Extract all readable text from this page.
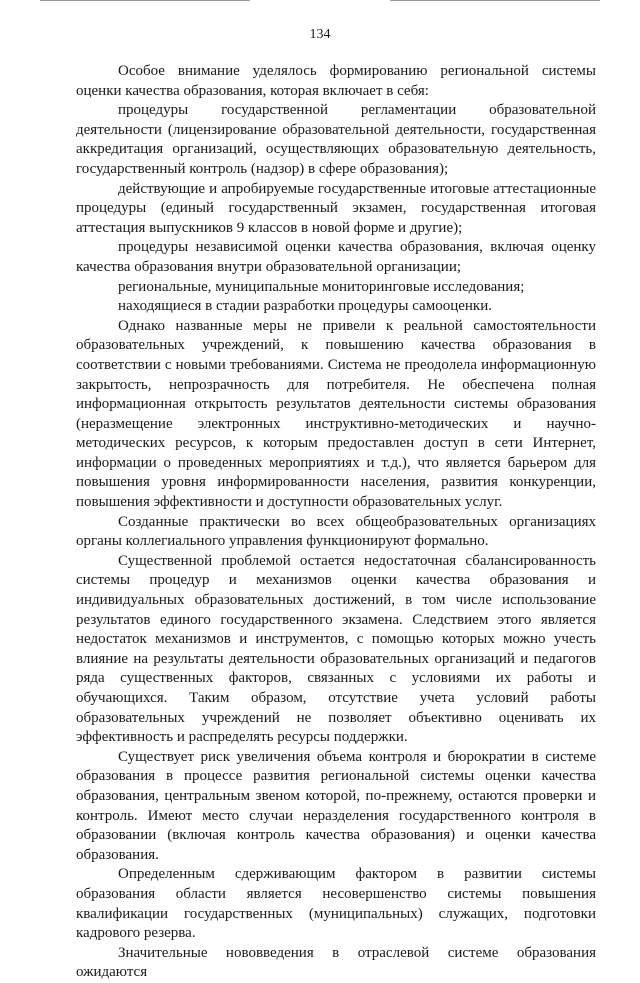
134

Особое внимание уделялось формированию региональной системы оценки качества образования, которая включает в себя:

процедуры государственной регламентации образовательной деятельности (лицензирование образовательной деятельности, государственная аккредитация организаций, осуществляющих образовательную деятельность, государственный контроль (надзор) в сфере образования);

действующие и апробируемые государственные итоговые аттестационные процедуры (единый государственный экзамен, государственная итоговая аттестация выпускников 9 классов в новой форме и другие);

процедуры независимой оценки качества образования, включая оценку качества образования внутри образовательной организации;

региональные, муниципальные мониторинговые исследования;

находящиеся в стадии разработки процедуры самооценки.

Однако названные меры не привели к реальной самостоятельности образовательных учреждений, к повышению качества образования в соответствии с новыми требованиями. Система не преодолела информационную закрытость, непрозрачность для потребителя. Не обеспечена полная информационная открытость результатов деятельности системы образования (неразмещение электронных инструктивно-методических и научно-методических ресурсов, к которым предоставлен доступ в сети Интернет, информации о проведенных мероприятиях и т.д.), что является барьером для повышения уровня информированности населения, развития конкуренции, повышения эффективности и доступности образовательных услуг.

Созданные практически во всех общеобразовательных организациях органы коллегиального управления функционируют формально.

Существенной проблемой остается недостаточная сбалансированность системы процедур и механизмов оценки качества образования и индивидуальных образовательных достижений, в том числе использование результатов единого государственного экзамена. Следствием этого является недостаток механизмов и инструментов, с помощью которых можно учесть влияние на результаты деятельности образовательных организаций и педагогов ряда существенных факторов, связанных с условиями их работы и обучающихся. Таким образом, отсутствие учета условий работы образовательных учреждений не позволяет объективно оценивать их эффективность и распределять ресурсы поддержки.

Существует риск увеличения объема контроля и бюрократии в системе образования в процессе развития региональной системы оценки качества образования, центральным звеном которой, по-прежнему, остаются проверки и контроль. Имеют место случаи неразделения государственного контроля в образовании (включая контроль качества образования) и оценки качества образования.

Определенным сдерживающим фактором в развитии системы образования области является несовершенство системы повышения квалификации государственных (муниципальных) служащих, подготовки кадрового резерва.

Значительные нововведения в отраслевой системе образования ожидаются
